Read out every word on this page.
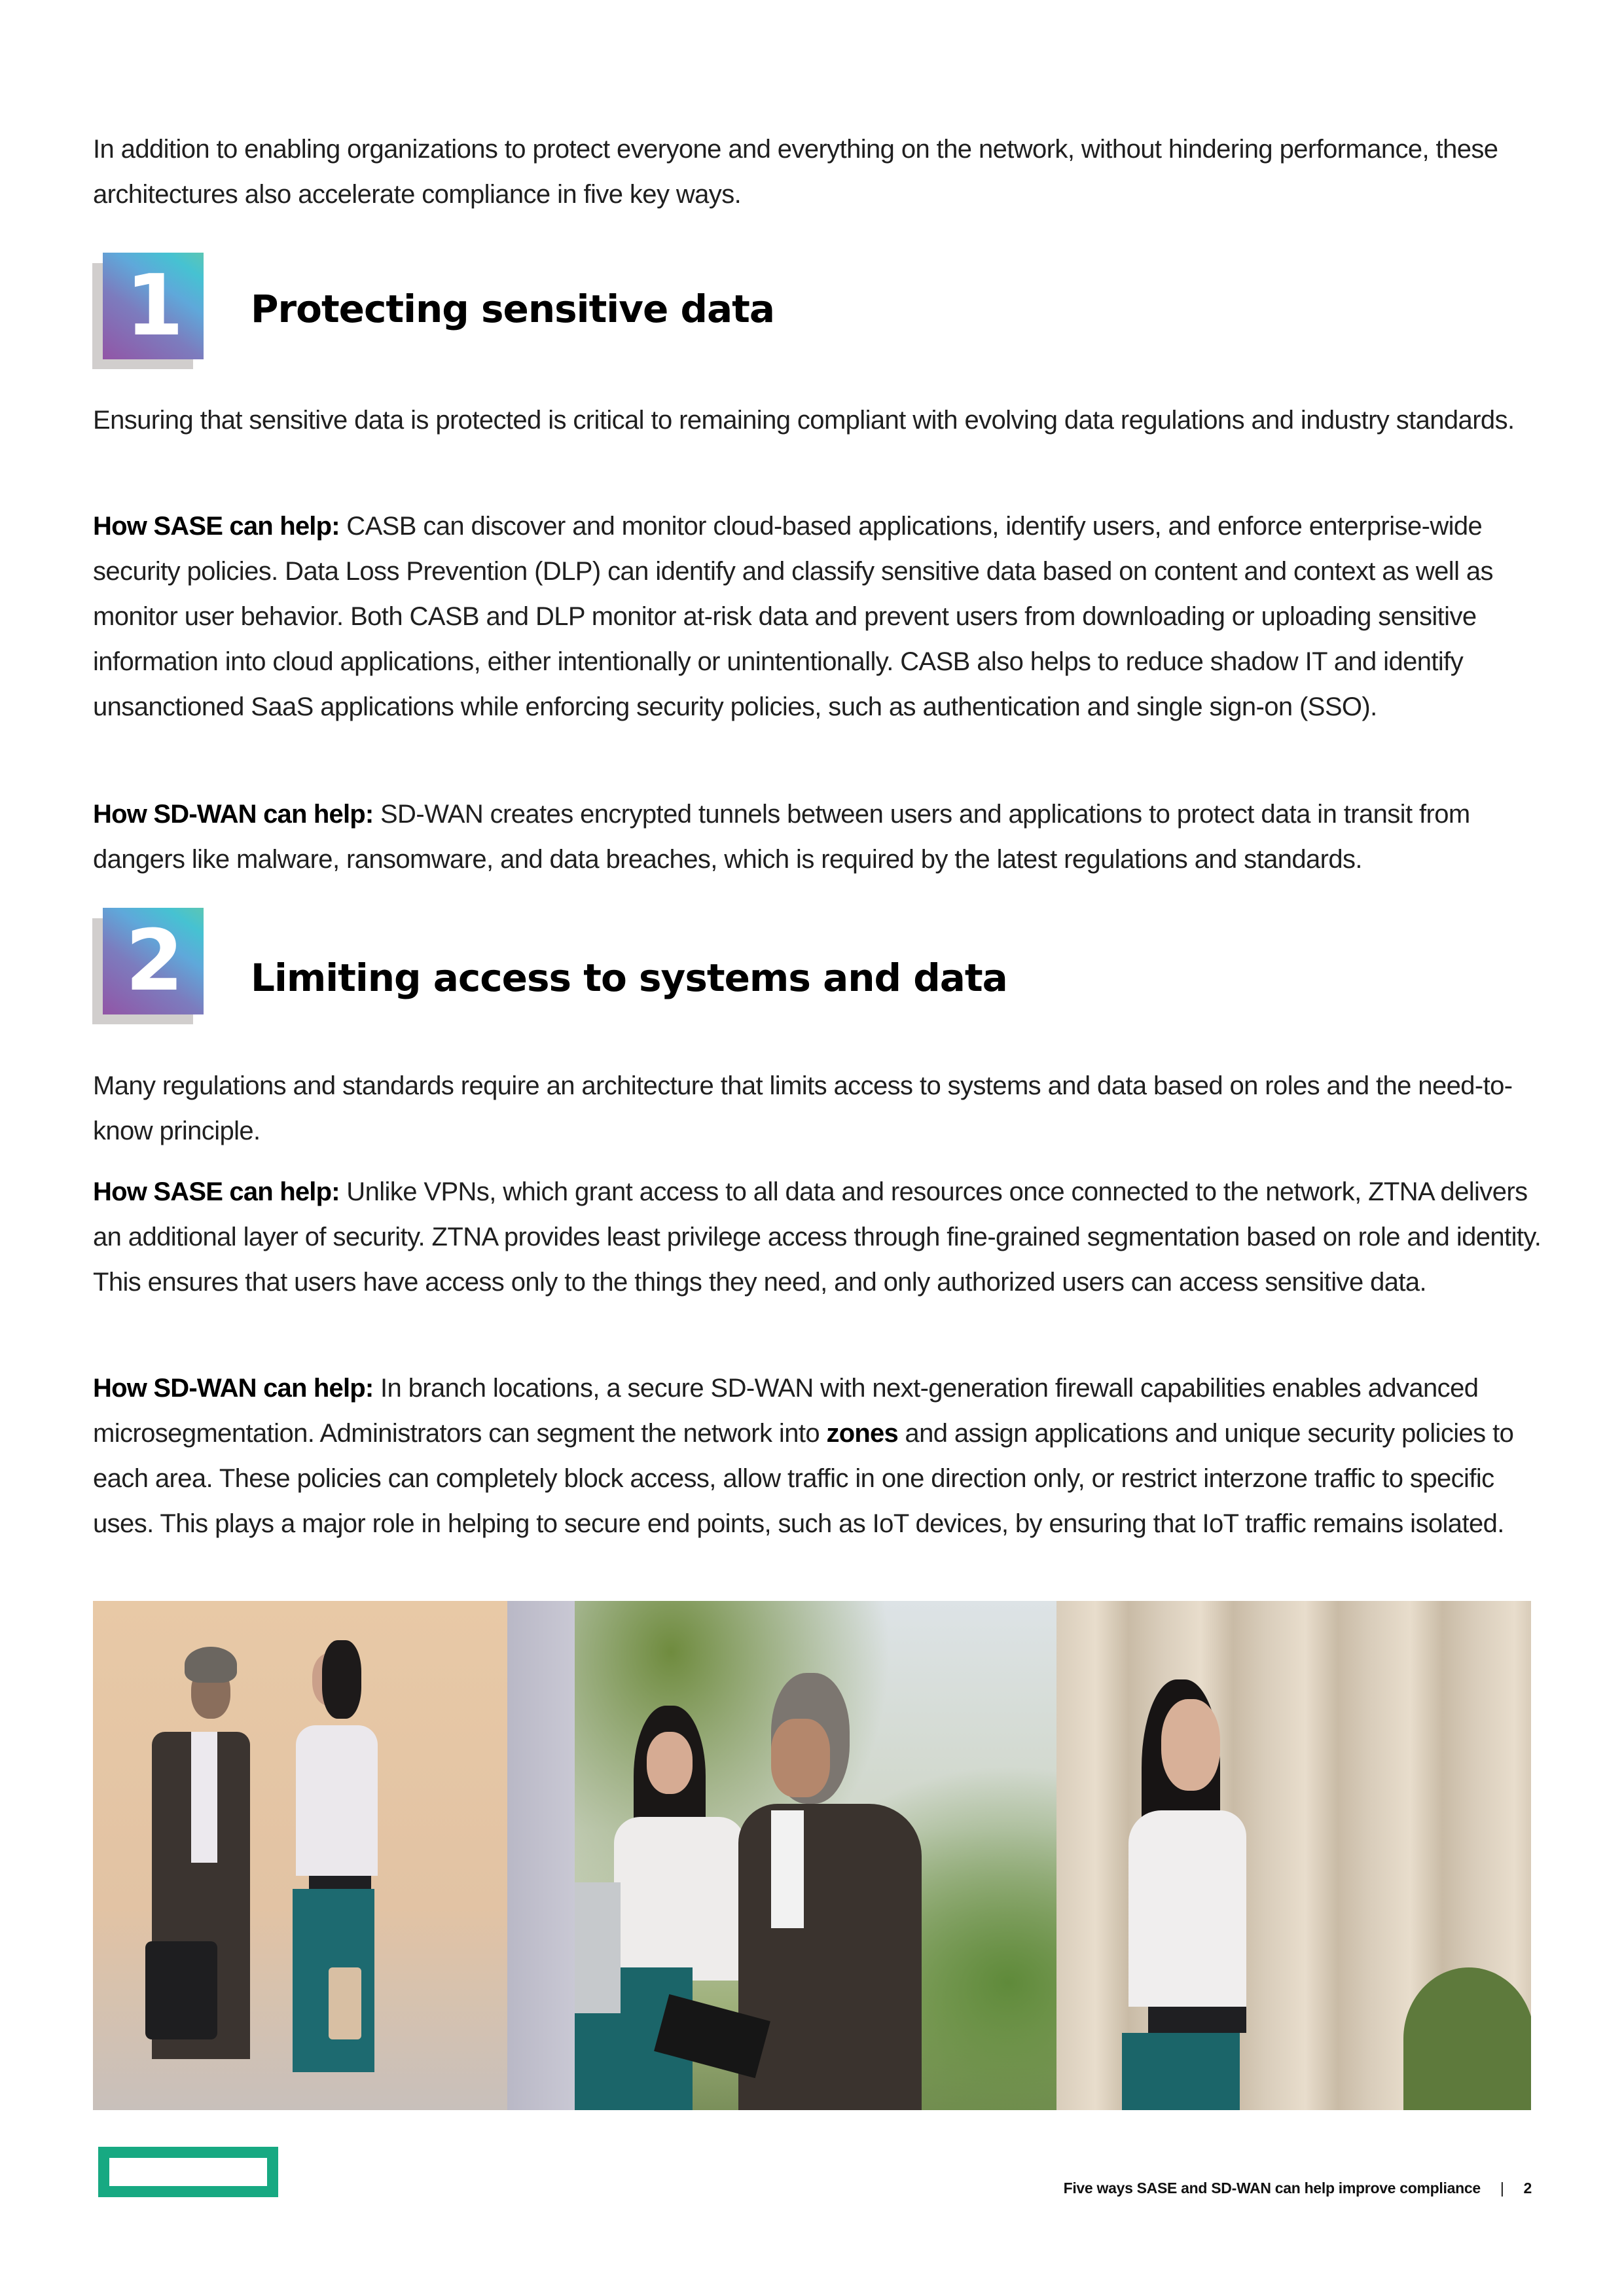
In addition to enabling organizations to protect everyone and everything on the network, without hindering performance, these architectures also accelerate compliance in five key ways.

1 Protecting sensitive data

Ensuring that sensitive data is protected is critical to remaining compliant with evolving data regulations and industry standards.

How SASE can help: CASB can discover and monitor cloud-based applications, identify users, and enforce enterprise-wide security policies. Data Loss Prevention (DLP) can identify and classify sensitive data based on content and context as well as monitor user behavior. Both CASB and DLP monitor at-risk data and prevent users from downloading or uploading sensitive information into cloud applications, either intentionally or unintentionally. CASB also helps to reduce shadow IT and identify unsanctioned SaaS applications while enforcing security policies, such as authentication and single sign-on (SSO).

How SD-WAN can help: SD-WAN creates encrypted tunnels between users and applications to protect data in transit from dangers like malware, ransomware, and data breaches, which is required by the latest regulations and standards.

2 Limiting access to systems and data

Many regulations and standards require an architecture that limits access to systems and data based on roles and the need-to-know principle.

How SASE can help: Unlike VPNs, which grant access to all data and resources once connected to the network, ZTNA delivers an additional layer of security. ZTNA provides least privilege access through fine-grained segmentation based on role and identity. This ensures that users have access only to the things they need, and only authorized users can access sensitive data.

How SD-WAN can help: In branch locations, a secure SD-WAN with next-generation firewall capabilities enables advanced microsegmentation. Administrators can segment the network into zones and assign applications and unique security policies to each area. These policies can completely block access, allow traffic in one direction only, or restrict interzone traffic to specific uses. This plays a major role in helping to secure end points, such as IoT devices, by ensuring that IoT traffic remains isolated.

Five ways SASE and SD-WAN can help improve compliance | 2
